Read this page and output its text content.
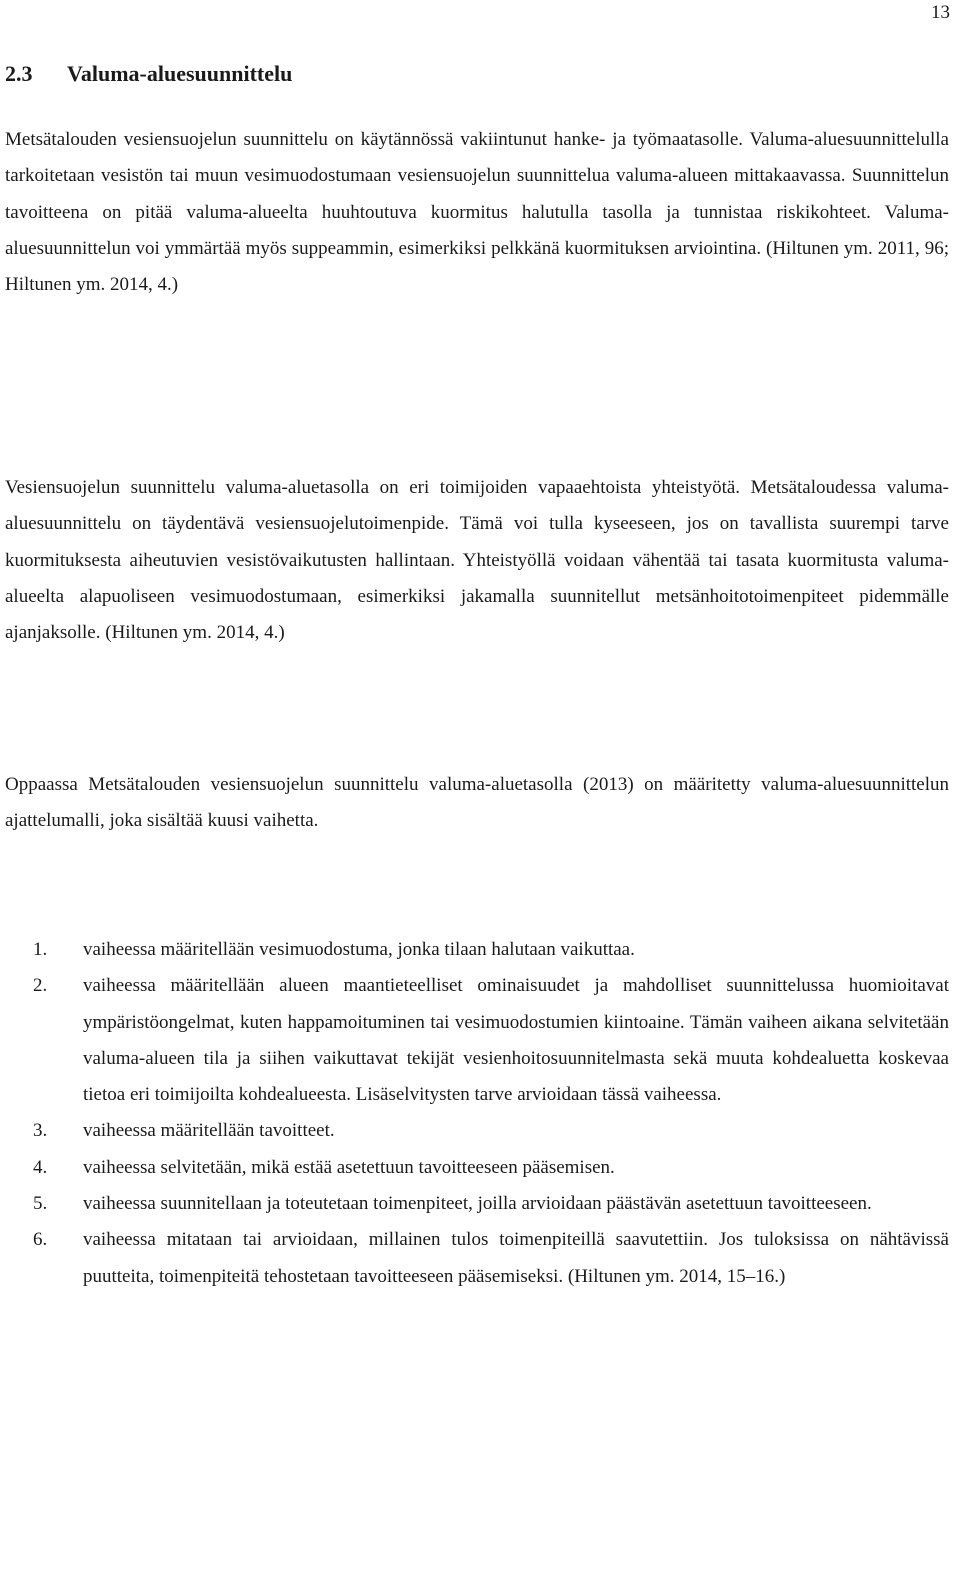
13
2.3 Valuma-aluesuunnittelu

Metsätalouden vesiensuojelun suunnittelu on käytännössä vakiintunut hanke- ja työmaatasolle. Valuma-aluesuunnittelulla tarkoitetaan vesistön tai muun vesimuodostumaan vesiensuojelun suunnittelua valuma-alueen mittakaavassa. Suunnittelun tavoitteena on pitää valuma-alueelta huuhtoutuva kuormitus halutulla tasolla ja tunnistaa riskikohteet. Valuma-aluesuunnittelun voi ymmärtää myös suppeammin, esimerkiksi pelkkänä kuormituksen arviointina. (Hiltunen ym. 2011, 96; Hiltunen ym. 2014, 4.)

Vesiensuojelun suunnittelu valuma-aluetasolla on eri toimijoiden vapaaehtoista yhteistyötä. Metsätaloudessa valuma-aluesuunnittelu on täydentävä vesiensuojelutoimenpide. Tämä voi tulla kyseeseen, jos on tavallista suurempi tarve kuormituksesta aiheutuvien vesistövaikutusten hallintaan. Yhteistyöllä voidaan vähentää tai tasata kuormitusta valuma-alueelta alapuoliseen vesimuodostumaan, esimerkiksi jakamalla suunnitellut metsänhoitotoimenpiteet pidemmälle ajanjaksolle. (Hiltunen ym. 2014, 4.)

Oppaassa Metsätalouden vesiensuojelun suunnittelu valuma-aluetasolla (2013) on määritetty valuma-aluesuunnittelun ajattelumalli, joka sisältää kuusi vaihetta.

1.	vaiheessa määritellään vesimuodostuma, jonka tilaan halutaan vaikuttaa.
2.	vaiheessa määritellään alueen maantieteelliset ominaisuudet ja mahdolliset suunnittelussa huomioitavat ympäristöongelmat, kuten happamoituminen tai vesimuodostumien kiintoaine. Tämän vaiheen aikana selvitetään valuma-alueen tila ja siihen vaikuttavat tekijät vesienhoitosuunnitelmasta sekä muuta kohdealuetta koskevaa tietoa eri toimijoilta kohdealueesta. Lisäselvitysten tarve arvioidaan tässä vaiheessa.
3.	vaiheessa määritellään tavoitteet.
4.	vaiheessa selvitetään, mikä estää asetettuun tavoitteeseen pääsemisen.
5.	vaiheessa suunnitellaan ja toteutetaan toimenpiteet, joilla arvioidaan päästävän asetettuun tavoitteeseen.
6.	vaiheessa mitataan tai arvioidaan, millainen tulos toimenpiteillä saavutettiin. Jos tuloksissa on nähtävissä puutteita, toimenpiteitä tehostetaan tavoitteeseen pääsemiseksi. (Hiltunen ym. 2014, 15–16.)
